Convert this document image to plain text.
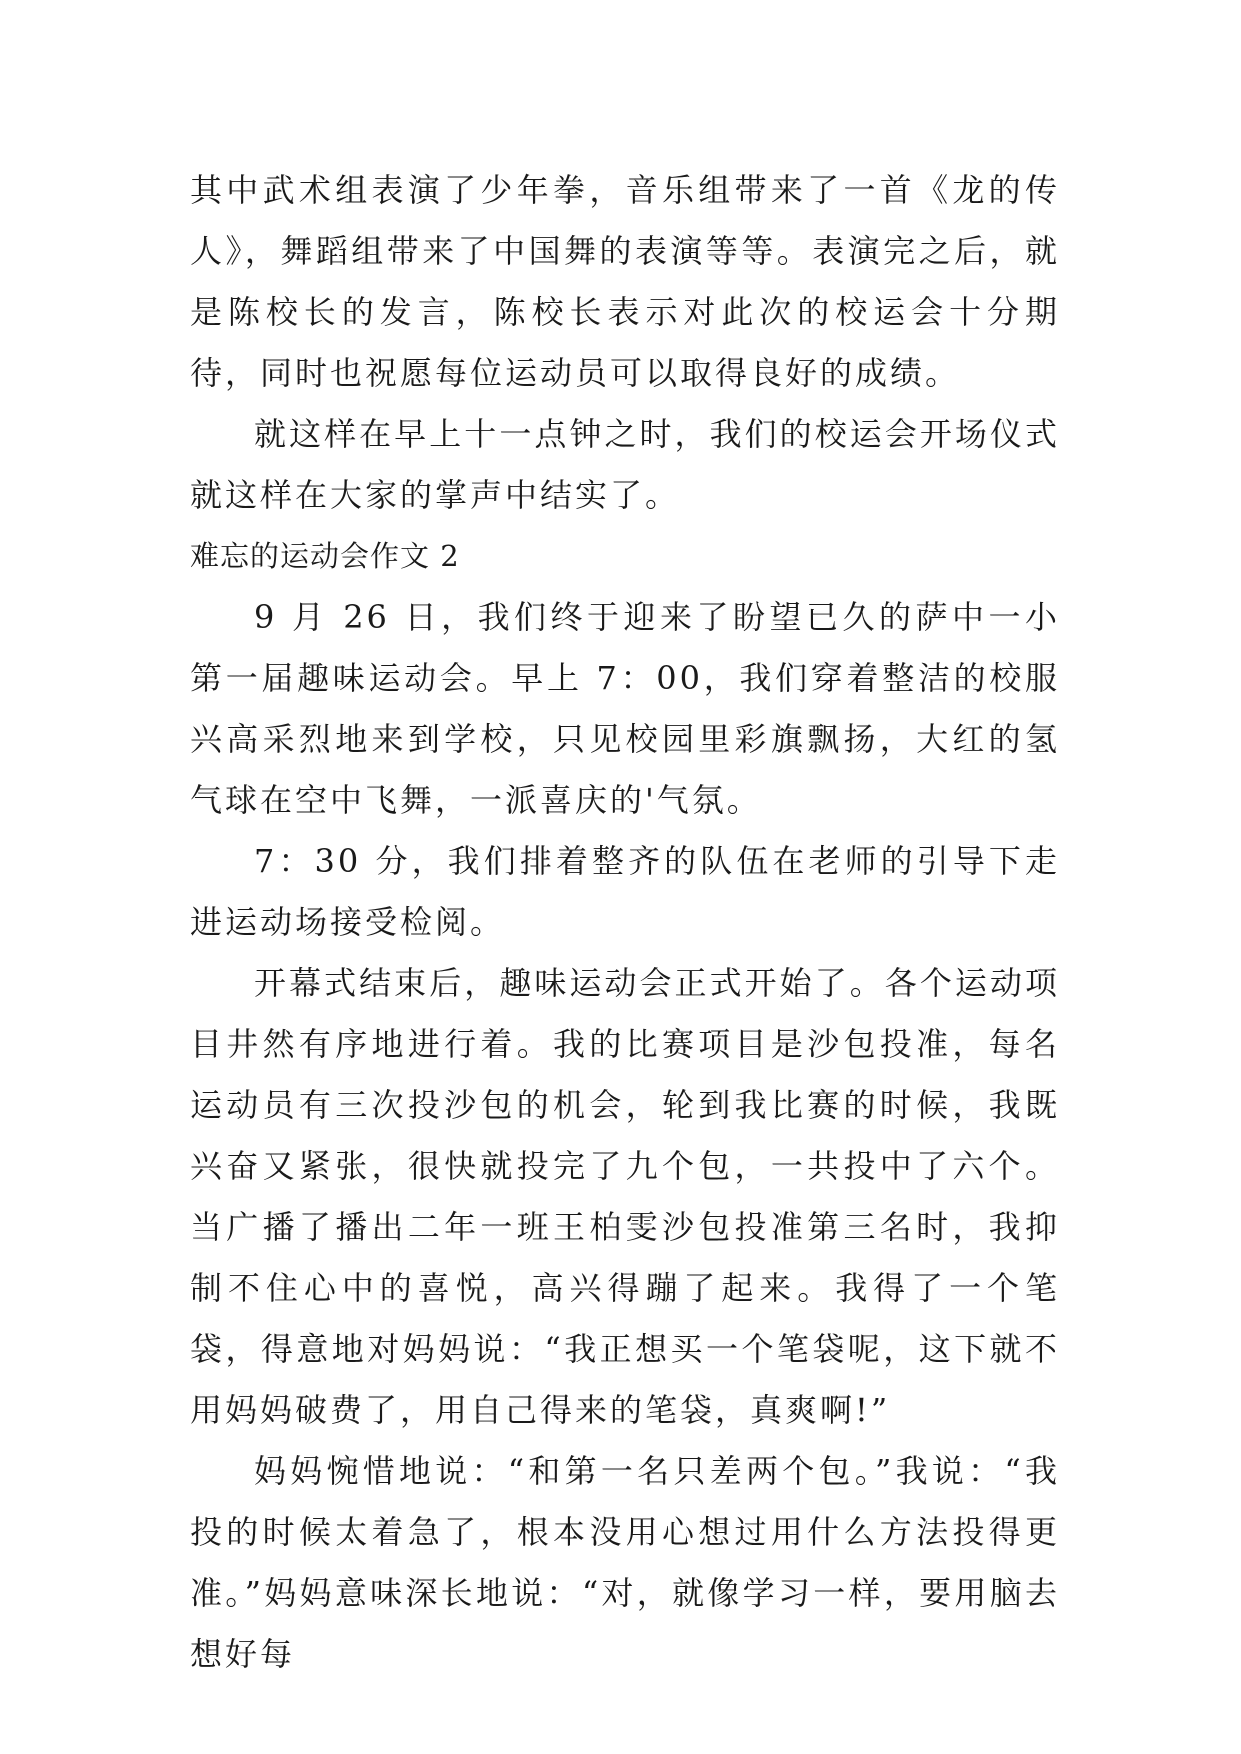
其中武术组表演了少年拳，音乐组带来了一首《龙的传人》，舞蹈组带来了中国舞的表演等等。表演完之后，就是陈校长的发言，陈校长表示对此次的校运会十分期待，同时也祝愿每位运动员可以取得良好的成绩。

就这样在早上十一点钟之时，我们的校运会开场仪式就这样在大家的掌声中结实了。

难忘的运动会作文 2

9 月 26 日，我们终于迎来了盼望已久的萨中一小第一届趣味运动会。早上 7：00，我们穿着整洁的校服兴高采烈地来到学校，只见校园里彩旗飘扬，大红的氢气球在空中飞舞，一派喜庆的'气氛。

7：30 分，我们排着整齐的队伍在老师的引导下走进运动场接受检阅。

开幕式结束后，趣味运动会正式开始了。各个运动项目井然有序地进行着。我的比赛项目是沙包投准，每名运动员有三次投沙包的机会，轮到我比赛的时候，我既兴奋又紧张，很快就投完了九个包，一共投中了六个。当广播了播出二年一班王柏雯沙包投准第三名时，我抑制不住心中的喜悦，高兴得蹦了起来。我得了一个笔袋，得意地对妈妈说：“我正想买一个笔袋呢，这下就不用妈妈破费了，用自己得来的笔袋，真爽啊!”

妈妈惋惜地说：“和第一名只差两个包。”我说：“我投的时候太着急了，根本没用心想过用什么方法投得更准。”妈妈意味深长地说：“对，就像学习一样，要用脑去想好每
